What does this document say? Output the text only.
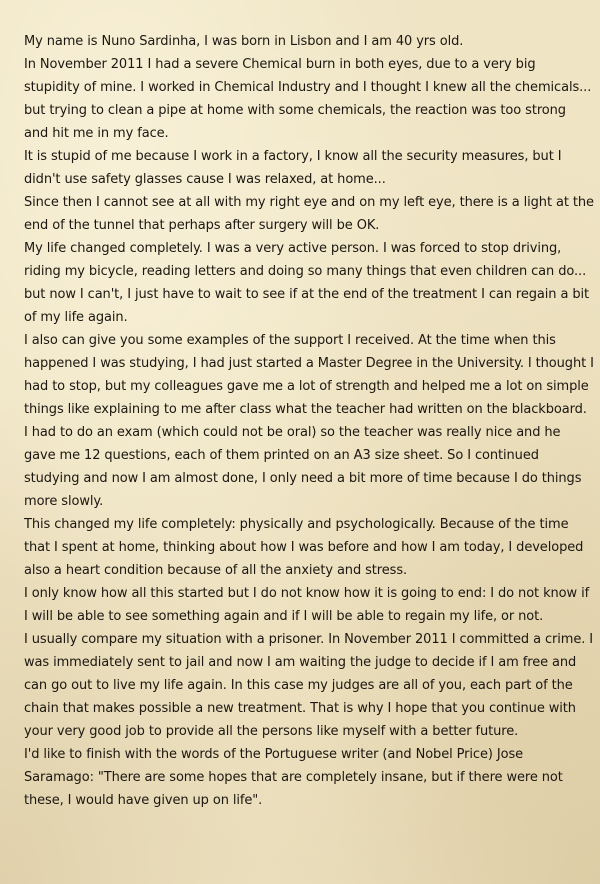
My name is Nuno Sardinha, I was born in Lisbon and I am 40 yrs old.

In November 2011 I had a severe Chemical burn in both eyes, due to a very big stupidity of mine. I worked in Chemical Industry and I thought I knew all the chemicals... but trying to clean a pipe at home with some chemicals, the reaction was too strong and hit me in my face.

It is stupid of me because I work in a factory, I know all the security measures, but I didn't use safety glasses cause I was relaxed, at home...

Since then I cannot see at all with my right eye and on my left eye, there is a light at the end of the tunnel that perhaps after surgery will be OK.

My life changed completely. I was a very active person. I was forced to stop driving, riding my bicycle, reading letters and doing so many things that even children can do... but now I can't, I just have to wait to see if at the end of the treatment I can regain a bit of my life again.

I also can give you some examples of the support I received. At the time when this happened I was studying, I had just started a Master Degree in the University. I thought I had to stop, but my colleagues gave me a lot of strength and helped me a lot on simple things like explaining to me after class what the teacher had written on the blackboard. I had to do an exam (which could not be oral) so the teacher was really nice and he gave me 12 questions, each of them printed on an A3 size sheet. So I continued studying and now I am almost done, I only need a bit more of time because I do things more slowly.

This changed my life completely: physically and psychologically. Because of the time that I spent at home, thinking about how I was before and how I am today, I developed also a heart condition because of all the anxiety and stress.

I only know how all this started but I do not know how it is going to end: I do not know if I will be able to see something again and if I will be able to regain my life, or not.

I usually compare my situation with a prisoner. In November 2011 I committed a crime. I was immediately sent to jail and now I am waiting the judge to decide if I am free and can go out to live my life again. In this case my judges are all of you, each part of the chain that makes possible a new treatment. That is why I hope that you continue with your very good job to provide all the persons like myself with a better future.

I'd like to finish with the words of the Portuguese writer (and Nobel Price) Jose Saramago: "There are some hopes that are completely insane, but if there were not these, I would have given up on life".
